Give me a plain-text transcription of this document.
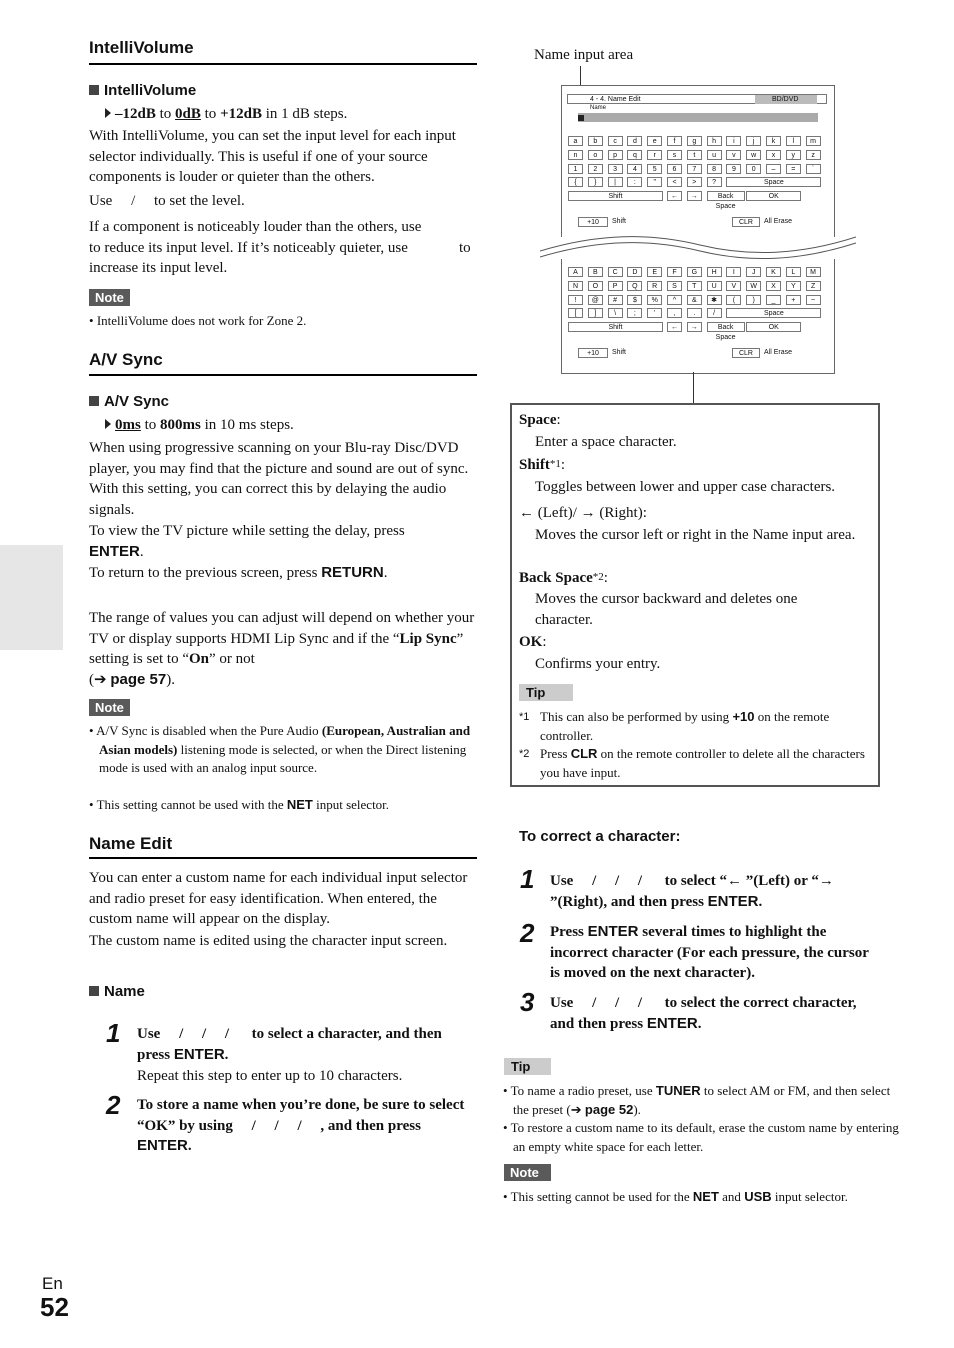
IntelliVolume
IntelliVolume
–12dB to 0dB to +12dB in 1 dB steps.
With IntelliVolume, you can set the input level for each input selector individually. This is useful if one of your source components is louder or quieter than the others.
Use     /     to set the level.
If a component is noticeably louder than the others, use
to reduce its input level. If it’s noticeably quieter, use	to
increase its input level.
Note
• IntelliVolume does not work for Zone 2.
A/V Sync
A/V Sync
0ms to 800ms in 10 ms steps.
When using progressive scanning on your Blu-ray Disc/DVD player, you may find that the picture and sound are out of sync. With this setting, you can correct this by delaying the audio signals.
To view the TV picture while setting the delay, press
ENTER.
To return to the previous screen, press RETURN.
The range of values you can adjust will depend on whether your TV or display supports HDMI Lip Sync and if the “Lip Sync” setting is set to “On” or not
(➔ page 57).
Note
• A/V Sync is disabled when the Pure Audio (European, Australian and Asian models) listening mode is selected, or when the Direct listening mode is used with an analog input source.
• This setting cannot be used with the NET input selector.
Name Edit
You can enter a custom name for each individual input selector and radio preset for easy identification. When entered, the custom name will appear on the display.
The custom name is edited using the character input screen.
Name
1 Use     /     /     /      to select a character, and then press ENTER.
Repeat this step to enter up to 10 characters.
2 To store a name when you’re done, be sure to select “OK” by using     /     /     /     , and then press ENTER.
Name input area
4 - 4. Name Edit	BD/DVD
Name
a	b	c	d	e	f	g	h	i	j	k	l	m
n	o	p	q	r	s	t	u	v	w	x	y	z
1	2	3	4	5	6	7	8	9	0	–	=	`
{	}	|	:	"	<	>	?	Space
Shift	←	→	Back Space
OK
+10	Shift	CLR	All Erase
A	B	C	D	E	F	G	H	I	J	K	L	M
N	O	P	Q	R	S	T	U	V	W	X	Y	Z
!	@	#	$	%	^	&	✱	(	)	_	+	~
[	]	\	;	'	,	.	/	Space
Shift	←	→	Back Space
OK
+10	Shift	CLR	All Erase
Space:
Enter a space character.
Shift*1:
Toggles between lower and upper case characters.
← (Left)/ → (Right):
Moves the cursor left or right in the Name input area.
Back Space*2:
Moves the cursor backward and deletes one character.
OK:
Confirms your entry.
Tip
*1 This can also be performed by using +10 on the remote controller.
*2 Press CLR on the remote controller to delete all the characters you have input.
To correct a character:
1 Use     /     /     /      to select “← ”(Left) or “→ ”(Right), and then press ENTER.
2 Press ENTER several times to highlight the incorrect character (For each pressure, the cursor is moved on the next character).
3 Use     /     /     /      to select the correct character, and then press ENTER.
Tip
• To name a radio preset, use TUNER to select AM or FM, and then select the preset (➔ page 52).
• To restore a custom name to its default, erase the custom name by entering an empty white space for each letter.
Note
• This setting cannot be used for the NET and USB input selector.
En
52
